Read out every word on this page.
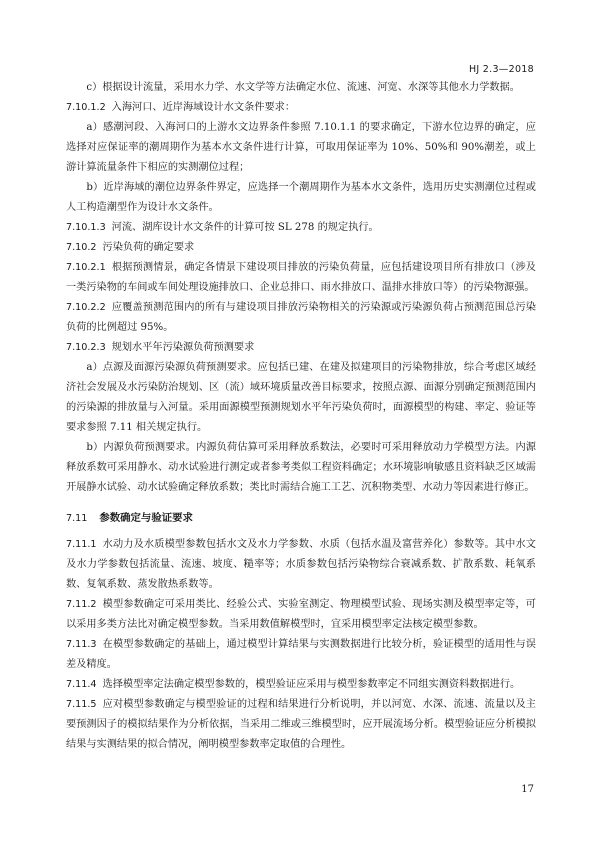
HJ 2.3—2018

c）根据设计流量，采用水力学、水文学等方法确定水位、流速、河宽、水深等其他水力学数据。

7.10.1.2 入海河口、近岸海域设计水文条件要求：

a）感潮河段、入海河口的上游水文边界条件参照 7.10.1.1 的要求确定，下游水位边界的确定，应选择对应保证率的潮周期作为基本水文条件进行计算，可取用保证率为 10%、50%和 90%潮差，或上游计算流量条件下相应的实测潮位过程；

b）近岸海域的潮位边界条件界定，应选择一个潮周期作为基本水文条件，选用历史实测潮位过程或人工构造潮型作为设计水文条件。

7.10.1.3 河流、湖库设计水文条件的计算可按 SL 278 的规定执行。

7.10.2 污染负荷的确定要求

7.10.2.1 根据预测情景，确定各情景下建设项目排放的污染负荷量，应包括建设项目所有排放口（涉及一类污染物的车间或车间处理设施排放口、企业总排口、雨水排放口、温排水排放口等）的污染物源强。

7.10.2.2 应覆盖预测范围内的所有与建设项目排放污染物相关的污染源或污染源负荷占预测范围总污染负荷的比例超过 95%。

7.10.2.3 规划水平年污染源负荷预测要求

a）点源及面源污染源负荷预测要求。应包括已建、在建及拟建项目的污染物排放，综合考虑区域经济社会发展及水污染防治规划、区（流）域环境质量改善目标要求，按照点源、面源分别确定预测范围内的污染源的排放量与入河量。采用面源模型预测规划水平年污染负荷时，面源模型的构建、率定、验证等要求参照 7.11 相关规定执行。

b）内源负荷预测要求。内源负荷估算可采用释放系数法，必要时可采用释放动力学模型方法。内源释放系数可采用静水、动水试验进行测定或者参考类似工程资料确定；水环境影响敏感且资料缺乏区域需开展静水试验、动水试验确定释放系数；类比时需结合施工工艺、沉积物类型、水动力等因素进行修正。

7.11 参数确定与验证要求

7.11.1 水动力及水质模型参数包括水文及水力学参数、水质（包括水温及富营养化）参数等。其中水文及水力学参数包括流量、流速、坡度、糙率等；水质参数包括污染物综合衰减系数、扩散系数、耗氧系数、复氧系数、蒸发散热系数等。

7.11.2 模型参数确定可采用类比、经验公式、实验室测定、物理模型试验、现场实测及模型率定等，可以采用多类方法比对确定模型参数。当采用数值解模型时，宜采用模型率定法核定模型参数。

7.11.3 在模型参数确定的基础上，通过模型计算结果与实测数据进行比较分析，验证模型的适用性与误差及精度。

7.11.4 选择模型率定法确定模型参数的，模型验证应采用与模型参数率定不同组实测资料数据进行。

7.11.5 应对模型参数确定与模型验证的过程和结果进行分析说明，并以河宽、水深、流速、流量以及主要预测因子的模拟结果作为分析依据，当采用二维或三维模型时，应开展流场分析。模型验证应分析模拟结果与实测结果的拟合情况，阐明模型参数率定取值的合理性。

17
